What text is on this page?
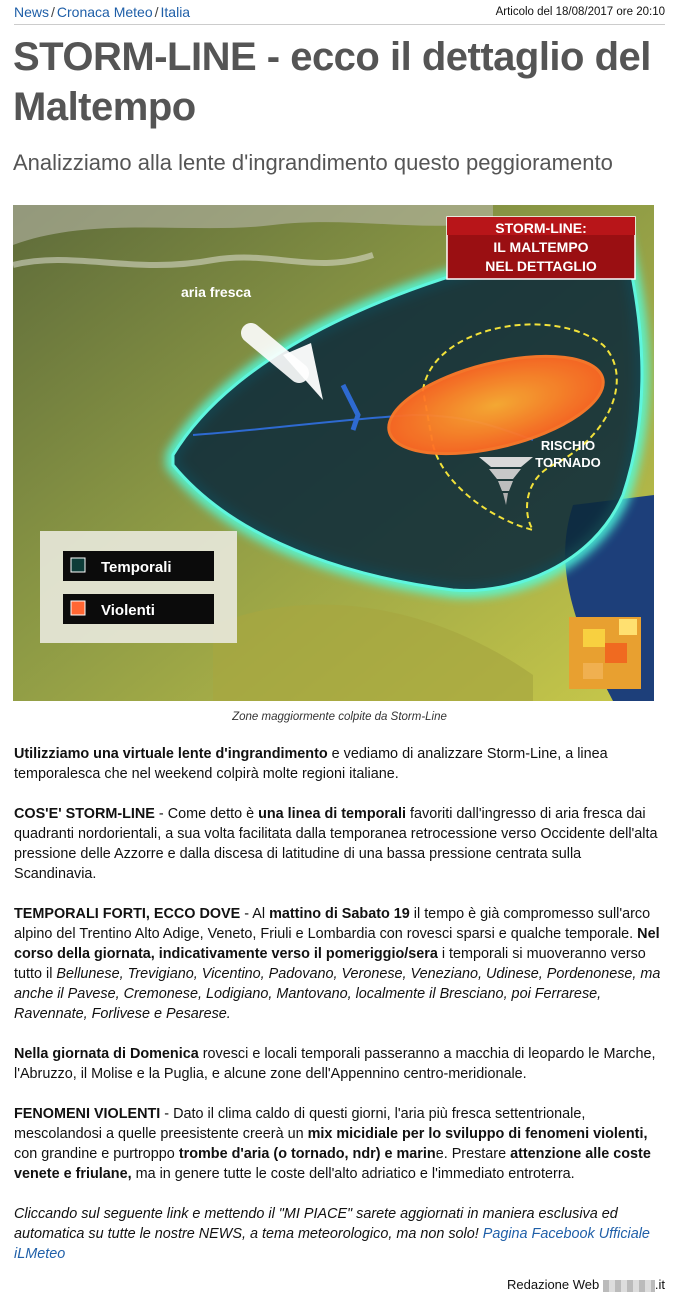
News / Cronaca Meteo / Italia	Articolo del 18/08/2017 ore 20:10
STORM-LINE - ecco il dettaglio del Maltempo
Analizziamo alla lente d'ingrandimento questo peggioramento
aria fresca
RISCHIO
TORNADO
STORM-LINE:
IL MALTEMPO
NEL DETTAGLIO
Temporali
Violenti
Zone maggiormente colpite da Storm-Line

Utilizziamo una virtuale lente d'ingrandimento e vediamo di analizzare Storm-Line, a linea temporalesca che nel weekend colpirà molte regioni italiane.

COS'E' STORM-LINE - Come detto è una linea di temporali favoriti dall'ingresso di aria fresca dai quadranti nordorientali, a sua volta facilitata dalla temporanea retrocessione verso Occidente dell'alta pressione delle Azzorre e dalla discesa di latitudine di una bassa pressione centrata sulla Scandinavia.

TEMPORALI FORTI, ECCO DOVE - Al mattino di Sabato 19 il tempo è già compromesso sull'arco alpino del Trentino Alto Adige, Veneto, Friuli e Lombardia con rovesci sparsi e qualche temporale. Nel corso della giornata, indicativamente verso il pomeriggio/sera i temporali si muoveranno verso tutto il Bellunese, Trevigiano, Vicentino, Padovano, Veronese, Veneziano, Udinese, Pordenonese, ma anche il Pavese, Cremonese, Lodigiano, Mantovano, localmente il Bresciano, poi Ferrarese, Ravennate, Forlivese e Pesarese.

Nella giornata di Domenica rovesci e locali temporali passeranno a macchia di leopardo le Marche, l'Abruzzo, il Molise e la Puglia, e alcune zone dell'Appennino centro-meridionale.

FENOMENI VIOLENTI - Dato il clima caldo di questi giorni, l'aria più fresca settentrionale, mescolandosi a quelle preesistente creerà un mix micidiale per lo sviluppo di fenomeni violenti, con grandine e purtroppo trombe d'aria (o tornado, ndr) e marine. Prestare attenzione alle coste venete e friulane, ma in genere tutte le coste dell'alto adriatico e l'immediato entroterra.

Cliccando sul seguente link e mettendo il "MI PIACE" sarete aggiornati in maniera esclusiva ed automatica su tutte le nostre NEWS, a tema meteorologico, ma non solo! Pagina Facebook Ufficiale iLMeteo

Redazione Web	.it
